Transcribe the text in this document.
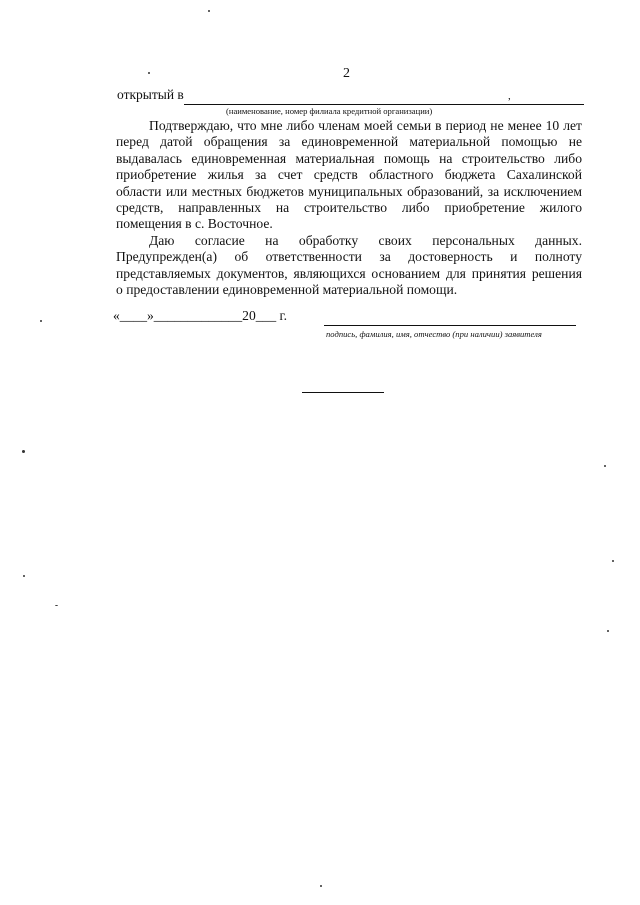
2
открытый в	,
(наименование, номер филиала кредитной организации)
Подтверждаю, что мне либо членам моей семьи в период не менее 10 лет
перед датой обращения за единовременной материальной помощью не
выдавалась единовременная материальная помощь на строительство либо
приобретение жилья за счет средств областного бюджета Сахалинской
области или местных бюджетов муниципальных образований, за исключением
средств, направленных на строительство либо приобретение жилого
помещения в с. Восточное.
Даю согласие на обработку своих персональных данных.
Предупрежден(а) об ответственности за достоверность и полноту
представляемых документов, являющихся основанием для принятия решения
о предоставлении единовременной материальной помощи.
«____»_____________20___ г.
подпись, фамилия, имя, отчество (при наличии) заявителя
